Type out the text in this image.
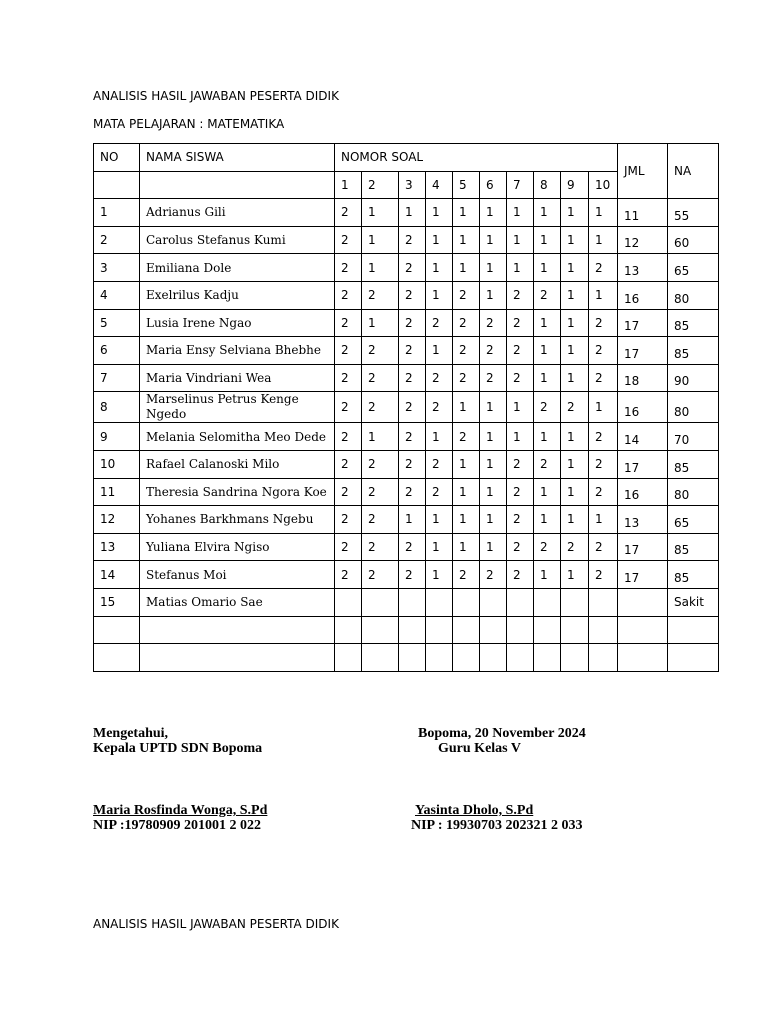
ANALISIS HASIL JAWABAN PESERTA DIDIK
MATA PELAJARAN : MATEMATIKA
NO	NAMA SISWA	NOMOR SOAL										JML	NA
		1	2	3	4	5	6	7	8	9	10		
1	Adrianus Gili	2	1	1	1	1	1	1	1	1	1	11	55
2	Carolus Stefanus Kumi	2	1	2	1	1	1	1	1	1	1	12	60
3	Emiliana Dole	2	1	2	1	1	1	1	1	1	2	13	65
4	Exelrilus Kadju	2	2	2	1	2	1	2	2	1	1	16	80
5	Lusia Irene Ngao	2	1	2	2	2	2	2	1	1	2	17	85
6	Maria Ensy Selviana Bhebhe	2	2	2	1	2	2	2	1	1	2	17	85
7	Maria Vindriani Wea	2	2	2	2	2	2	2	1	1	2	18	90
8	Marselinus Petrus Kenge Ngedo	2	2	2	2	1	1	1	2	2	1	16	80
9	Melania Selomitha Meo Dede	2	1	2	1	2	1	1	1	1	2	14	70
10	Rafael Calanoski Milo	2	2	2	2	1	1	2	2	1	2	17	85
11	Theresia Sandrina Ngora Koe	2	2	2	2	1	1	2	1	1	2	16	80
12	Yohanes Barkhmans Ngebu	2	2	1	1	1	1	2	1	1	1	13	65
13	Yuliana Elvira Ngiso	2	2	2	1	1	1	2	2	2	2	17	85
14	Stefanus Moi	2	2	2	1	2	2	2	1	1	2	17	85
15	Matias Omario Sae												Sakit

Mengetahui,
Kepala UPTD SDN Bopoma
Maria Rosfinda Wonga, S.Pd
NIP :19780909 201001 2 022
Bopoma, 20 November 2024
Guru Kelas V
Yasinta Dholo, S.Pd
NIP : 19930703 202321 2 033
ANALISIS HASIL JAWABAN PESERTA DIDIK
